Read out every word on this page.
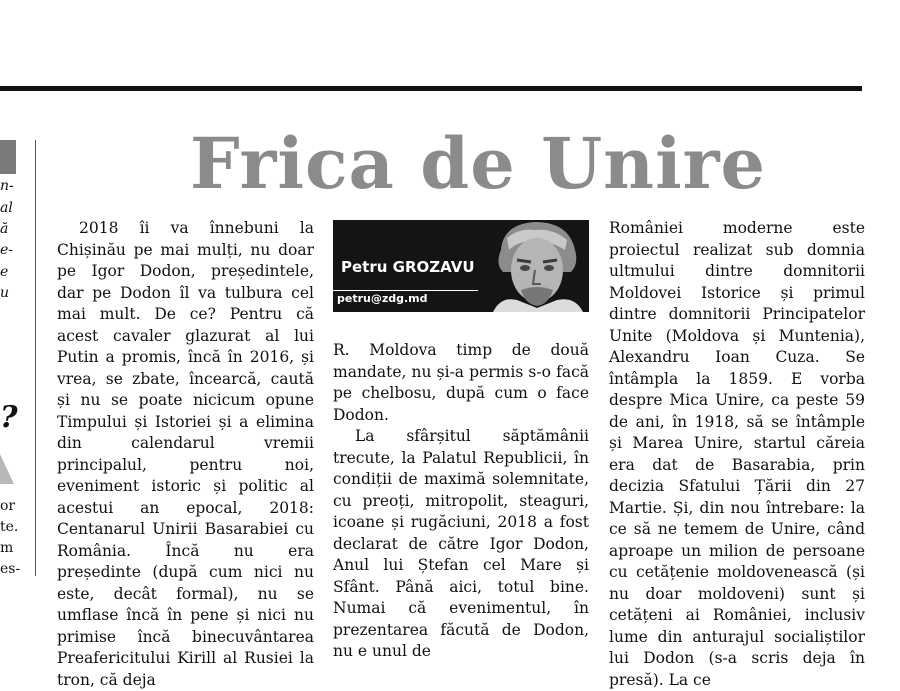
n-
al
ă
e-
e
u
?
or
te.
m
es-
Frica de Unire

2018 îi va înnebuni la Chișinău pe mai mulți, nu doar pe Igor Dodon, președintele, dar pe Dodon îl va tulbura cel mai mult. De ce? Pentru că acest cavaler glazurat al lui Putin a promis, încă în 2016, și vrea, se zbate, încearcă, caută și nu se poate nicicum opune Timpului și Istoriei și a elimina din calendarul vremii principalul, pentru noi, eveniment istoric și politic al acestui an epocal, 2018: Centanarul Unirii Basarabiei cu România. Încă nu era președinte (după cum nici nu este, decât formal), nu se umflase încă în pene și nici nu primise încă binecuvântarea Preafericitului Kirill al Rusiei la tron, că deja

Petru GROZAVU
petru@zdg.md

R. Moldova timp de două mandate, nu și-a permis s-o facă pe chelbosu, după cum o face Dodon.

La sfârșitul săptămânii trecute, la Palatul Republicii, în condiții de maximă solemnitate, cu preoți, mitropolit, steaguri, icoane și rugăciuni, 2018 a fost declarat de către Igor Dodon, Anul lui Ștefan cel Mare și Sfânt. Până aici, totul bine. Numai că evenimentul, în prezentarea făcută de Dodon, nu e unul de

României moderne este proiectul realizat sub domnia ultmului dintre domnitorii Moldovei Istorice și primul dintre domnitorii Principatelor Unite (Moldova și Muntenia), Alexandru Ioan Cuza. Se întâmpla la 1859. E vorba despre Mica Unire, ca peste 59 de ani, în 1918, să se întâmple și Marea Unire, startul căreia era dat de Basarabia, prin decizia Sfatului Țării din 27 Martie. Și, din nou întrebare: la ce să ne temem de Unire, când aproape un milion de persoane cu cetățenie moldovenească (și nu doar moldoveni) sunt și cetățeni ai României, inclusiv lume din anturajul socialiștilor lui Dodon (s-a scris deja în presă). La ce
